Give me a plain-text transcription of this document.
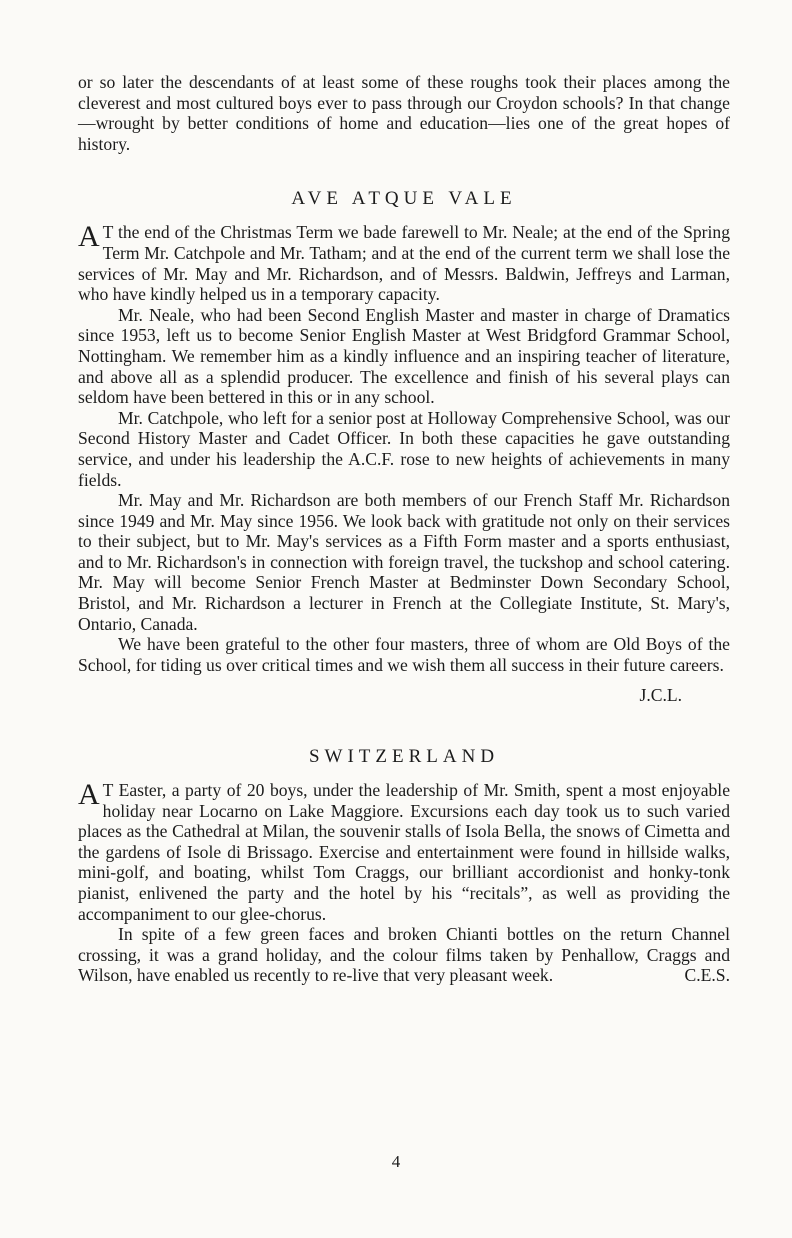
or so later the descendants of at least some of these roughs took their places among the cleverest and most cultured boys ever to pass through our Croydon schools? In that change—wrought by better conditions of home and education—lies one of the great hopes of history.

AVE ATQUE VALE

A T the end of the Christmas Term we bade farewell to Mr. Neale; at the end of the Spring Term Mr. Catchpole and Mr. Tatham; and at the end of the current term we shall lose the services of Mr. May and Mr. Richardson, and of Messrs. Baldwin, Jeffreys and Larman, who have kindly helped us in a temporary capacity.

Mr. Neale, who had been Second English Master and master in charge of Dramatics since 1953, left us to become Senior English Master at West Bridgford Grammar School, Nottingham. We remember him as a kindly influence and an inspiring teacher of literature, and above all as a splendid producer. The excellence and finish of his several plays can seldom have been bettered in this or in any school.

Mr. Catchpole, who left for a senior post at Holloway Comprehensive School, was our Second History Master and Cadet Officer. In both these capacities he gave outstanding service, and under his leadership the A.C.F. rose to new heights of achievements in many fields.

Mr. May and Mr. Richardson are both members of our French Staff Mr. Richardson since 1949 and Mr. May since 1956. We look back with gratitude not only on their services to their subject, but to Mr. May's services as a Fifth Form master and a sports enthusiast, and to Mr. Richardson's in connection with foreign travel, the tuckshop and school catering. Mr. May will become Senior French Master at Bedminster Down Secondary School, Bristol, and Mr. Richardson a lecturer in French at the Collegiate Institute, St. Mary's, Ontario, Canada.

We have been grateful to the other four masters, three of whom are Old Boys of the School, for tiding us over critical times and we wish them all success in their future careers.

J.C.L.

SWITZERLAND

A T Easter, a party of 20 boys, under the leadership of Mr. Smith, spent a most enjoyable holiday near Locarno on Lake Maggiore. Excursions each day took us to such varied places as the Cathedral at Milan, the souvenir stalls of Isola Bella, the snows of Cimetta and the gardens of Isole di Brissago. Exercise and entertainment were found in hillside walks, mini-golf, and boating, whilst Tom Craggs, our brilliant accordionist and honky-tonk pianist, enlivened the party and the hotel by his “recitals”, as well as providing the accompaniment to our glee-chorus.

In spite of a few green faces and broken Chianti bottles on the return Channel crossing, it was a grand holiday, and the colour films taken by Penhallow, Craggs and Wilson, have enabled us recently to re-live that very pleasant week.	C.E.S.

4
